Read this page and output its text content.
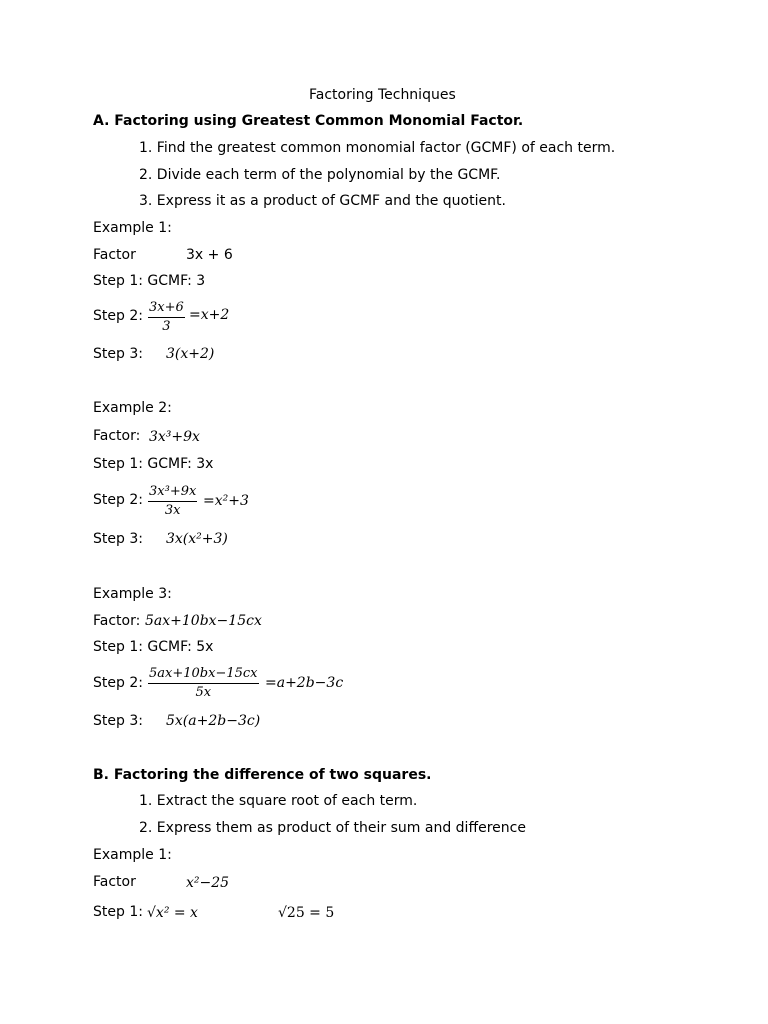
Factoring Techniques
A. Factoring using Greatest Common Monomial Factor.
1. Find the greatest common monomial factor (GCMF) of each term.
2. Divide each term of the polynomial by the GCMF.
3. Express it as a product of GCMF and the quotient.
Example 1:
Factor	3x + 6
Step 1: GCMF: 3
Step 2:
3x+6
3
=x+2
Step 3: 3(x+2)
Example 2:
Factor: 3x³+9x
Step 1: GCMF: 3x
Step 2:
3x³+9x
3x
=x²+3
Step 3: 3x(x²+3)
Example 3:
Factor: 5ax+10bx−15cx
Step 1: GCMF: 5x
Step 2:
5ax+10bx−15cx
5x
=a+2b−3c
Step 3: 5x(a+2b−3c)
B. Factoring the difference of two squares.
1. Extract the square root of each term.
2. Express them as product of their sum and difference
Example 1:
Factor	x²−25
Step 1: √x² = x	√25 = 5
